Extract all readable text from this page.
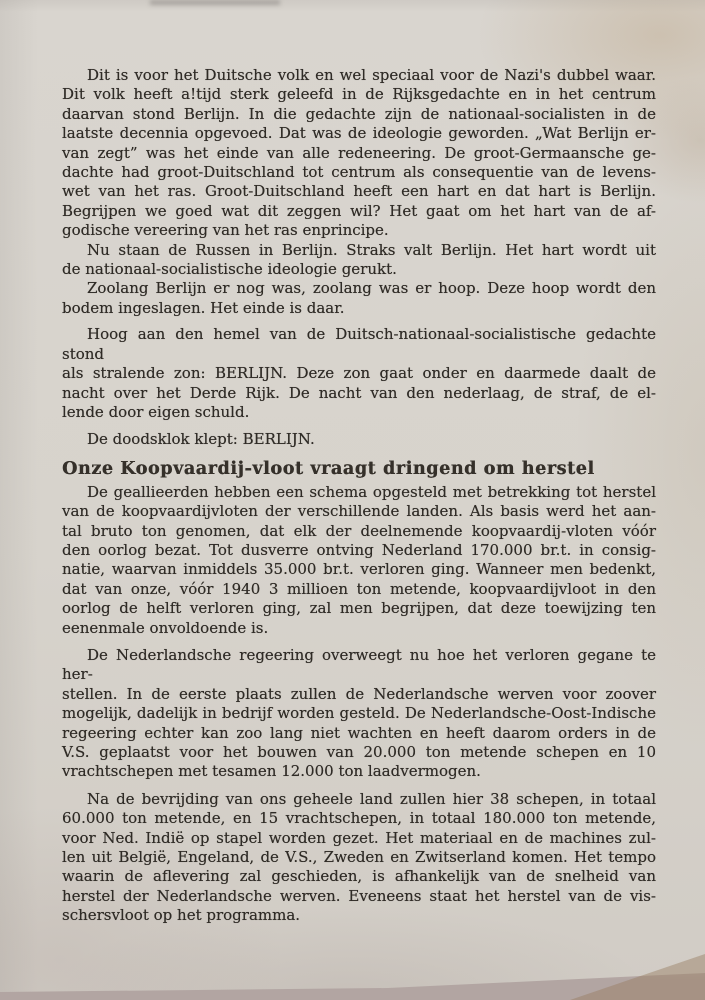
Dit is voor het Duitsche volk en wel speciaal voor de Nazi's dubbel waar.
Dit volk heeft a!tijd sterk geleefd in de Rijksgedachte en in het centrum
daarvan stond Berlijn. In die gedachte zijn de nationaal-socialisten in de
laatste decennia opgevoed. Dat was de ideologie geworden. „Wat Berlijn er-
van zegt” was het einde van alle redeneering. De groot-Germaansche ge-
dachte had groot-Duitschland tot centrum als consequentie van de levens-
wet van het ras. Groot-Duitschland heeft een hart en dat hart is Berlijn.
Begrijpen we goed wat dit zeggen wil? Het gaat om het hart van de af-
godische vereering van het ras enprincipe.
Nu staan de Russen in Berlijn. Straks valt Berlijn. Het hart wordt uit
de nationaal-socialistische ideologie gerukt.
Zoolang Berlijn er nog was, zoolang was er hoop. Deze hoop wordt den
bodem ingeslagen. Het einde is daar.
Hoog aan den hemel van de Duitsch-nationaal-socialistische gedachte stond
als stralende zon: BERLIJN. Deze zon gaat onder en daarmede daalt de
nacht over het Derde Rijk. De nacht van den nederlaag, de straf, de el-
lende door eigen schuld.
De doodsklok klept: BERLIJN.
Onze Koopvaardij-vloot vraagt dringend om herstel
De geallieerden hebben een schema opgesteld met betrekking tot herstel
van de koopvaardijvloten der verschillende landen. Als basis werd het aan-
tal bruto ton genomen, dat elk der deelnemende koopvaardij-vloten vóór
den oorlog bezat. Tot dusverre ontving Nederland 170.000 br.t. in consig-
natie, waarvan inmiddels 35.000 br.t. verloren ging. Wanneer men bedenkt,
dat van onze, vóór 1940 3 millioen ton metende, koopvaardijvloot in den
oorlog de helft verloren ging, zal men begrijpen, dat deze toewijzing ten
eenenmale onvoldoende is.
De Nederlandsche regeering overweegt nu hoe het verloren gegane te her-
stellen. In de eerste plaats zullen de Nederlandsche werven voor zoover
mogelijk, dadelijk in bedrijf worden gesteld. De Nederlandsche-Oost-Indische
regeering echter kan zoo lang niet wachten en heeft daarom orders in de
V.S. geplaatst voor het bouwen van 20.000 ton metende schepen en 10
vrachtschepen met tesamen 12.000 ton laadvermogen.
Na de bevrijding van ons geheele land zullen hier 38 schepen, in totaal
60.000 ton metende, en 15 vrachtschepen, in totaal 180.000 ton metende,
voor Ned. Indië op stapel worden gezet. Het materiaal en de machines zul-
len uit België, Engeland, de V.S., Zweden en Zwitserland komen. Het tempo
waarin de aflevering zal geschieden, is afhankelijk van de snelheid van
herstel der Nederlandsche werven. Eveneens staat het herstel van de vis-
schersvloot op het programma.
